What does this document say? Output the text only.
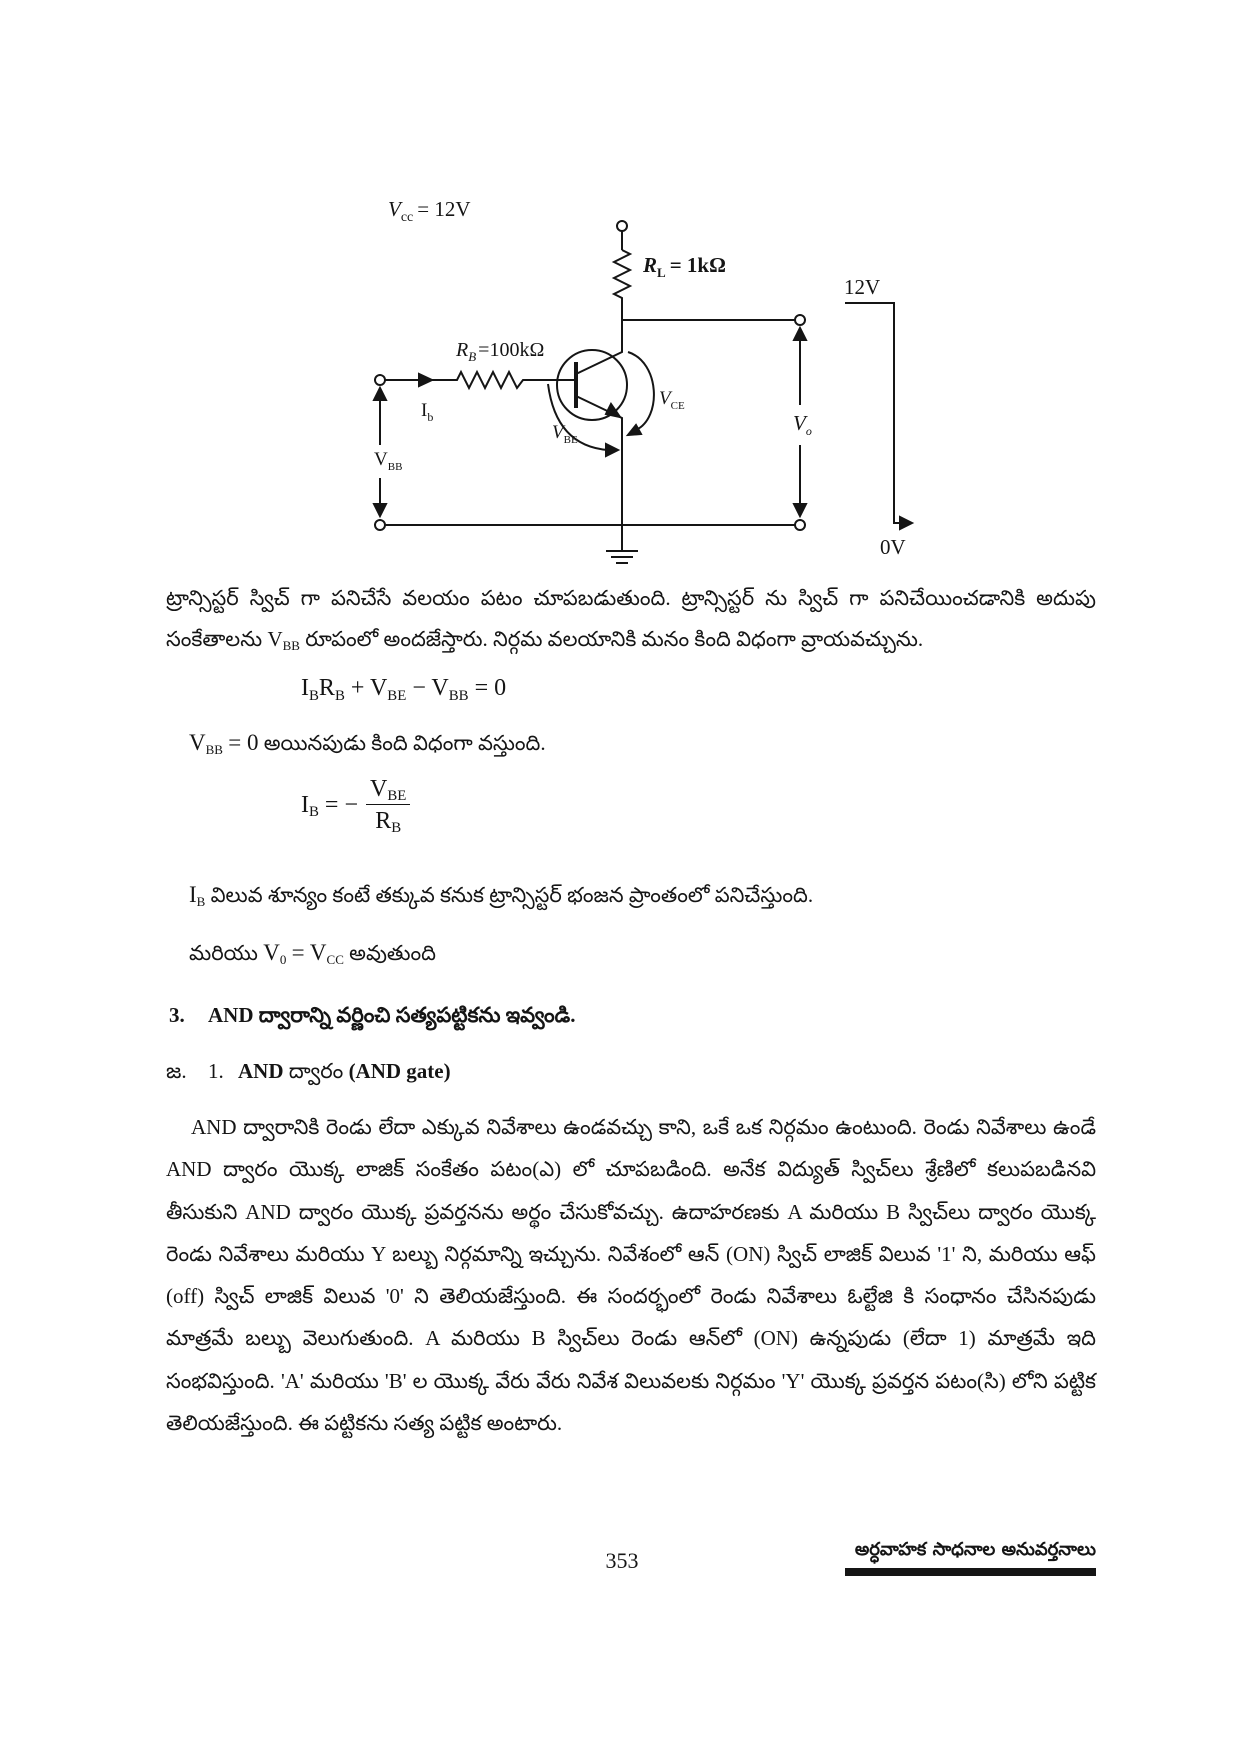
$V_{cc} = 12V$
$R_L = 1k\Omega$
$R_B =100k\Omega$
$I_b$
$V_{BB}$
$V_{BE}$
$V_{CE}$
$V_o$
12V
0V

ట్రాన్సిస్టర్ స్విచ్ గా పనిచేసే వలయం పటం చూపబడుతుంది. ట్రాన్సిస్టర్ ను స్విచ్ గా పనిచేయించడానికి అదుపు సంకేతాలను $V_{BB}$ రూపంలో అందజేస్తారు. నిర్గమ వలయానికి మనం కింది విధంగా వ్రాయవచ్చును.

$I_BR_B + V_{BE} - V_{BB} = 0$

$V_{BB} = 0$ అయినపుడు కింది విధంగా వస్తుంది.

$I_B$
= − $\frac{V_{BE}}{R_B}$

$I_B$ విలువ శూన్యం కంటే తక్కువ కనుక ట్రాన్సిస్టర్ భంజన ప్రాంతంలో పనిచేస్తుంది.

మరియు $V_0 = V_{CC}$ అవుతుంది

3. AND ద్వారాన్ని వర్ణించి సత్యపట్టికను ఇవ్వండి.

జ. 1. AND ద్వారం (AND gate)

AND ద్వారానికి రెండు లేదా ఎక్కువ నివేశాలు ఉండవచ్చు కాని, ఒకే ఒక నిర్గమం ఉంటుంది. రెండు నివేశాలు ఉండే AND ద్వారం యొక్క లాజిక్ సంకేతం పటం(ఎ) లో చూపబడింది. అనేక విద్యుత్ స్విచ్‌లు శ్రేణిలో కలుపబడినవి తీసుకుని AND ద్వారం యొక్క ప్రవర్తనను అర్థం చేసుకోవచ్చు. ఉదాహరణకు A మరియు B స్విచ్‌లు ద్వారం యొక్క రెండు నివేశాలు మరియు Y బల్బు నిర్గమాన్ని ఇచ్చును. నివేశంలో ఆన్ (ON) స్విచ్ లాజిక్ విలువ '1' ని, మరియు ఆఫ్ (off) స్విచ్ లాజిక్ విలువ '0' ని తెలియజేస్తుంది. ఈ సందర్భంలో రెండు నివేశాలు ఓల్టేజి కి సంధానం చేసినపుడు మాత్రమే బల్బు వెలుగుతుంది. A మరియు B స్విచ్‌లు రెండు ఆన్‌లో (ON) ఉన్నపుడు (లేదా 1) మాత్రమే ఇది సంభవిస్తుంది. 'A' మరియు 'B' ల యొక్క వేరు వేరు నివేశ విలువలకు నిర్గమం 'Y' యొక్క ప్రవర్తన పటం(సి) లోని పట్టిక తెలియజేస్తుంది. ఈ పట్టికను సత్య పట్టిక అంటారు.

353	అర్ధవాహక సాధనాల అనువర్తనాలు
